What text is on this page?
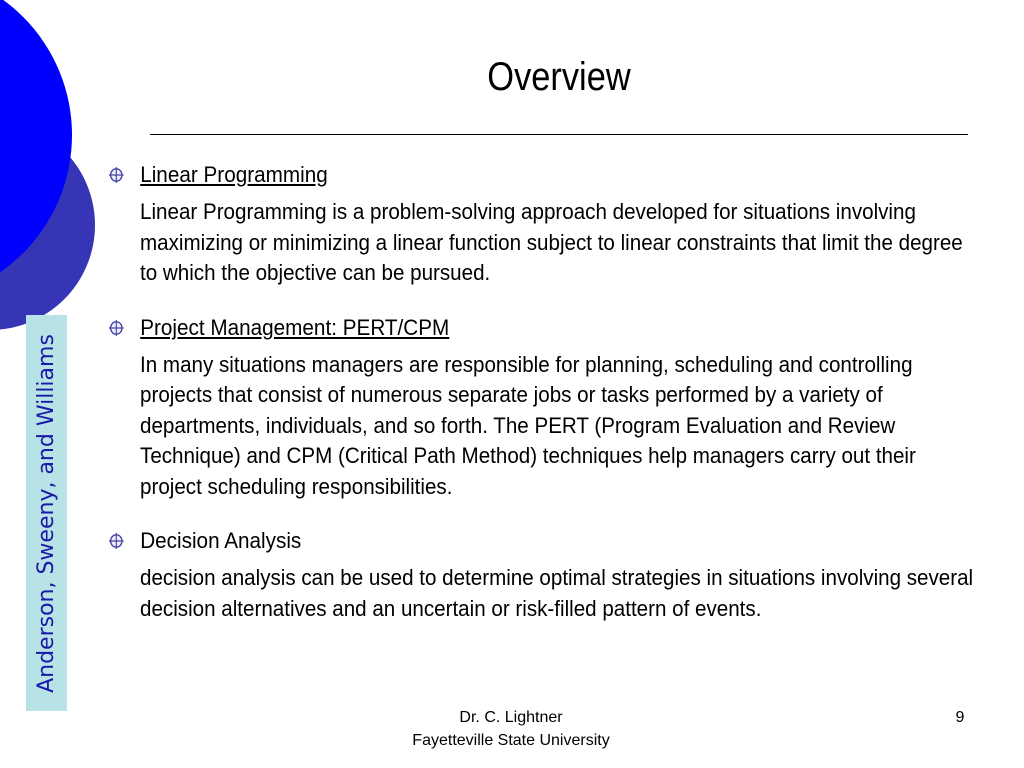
Anderson, Sweeny, and Williams
Overview
Linear Programming
Linear Programming is a problem-solving approach developed for situations involving maximizing or minimizing a linear function subject to linear constraints that limit the degree to which the objective can be pursued.
Project Management: PERT/CPM
In many situations managers are responsible for planning, scheduling and controlling projects that consist of numerous separate jobs or tasks performed by a variety of departments, individuals, and so forth. The PERT (Program Evaluation and Review Technique) and CPM (Critical Path Method) techniques help managers carry out their project scheduling responsibilities.
Decision Analysis
decision analysis can be used to determine optimal strategies in situations involving several decision alternatives and an uncertain or risk-filled pattern of events.
Dr. C. Lightner
Fayetteville State University
9
